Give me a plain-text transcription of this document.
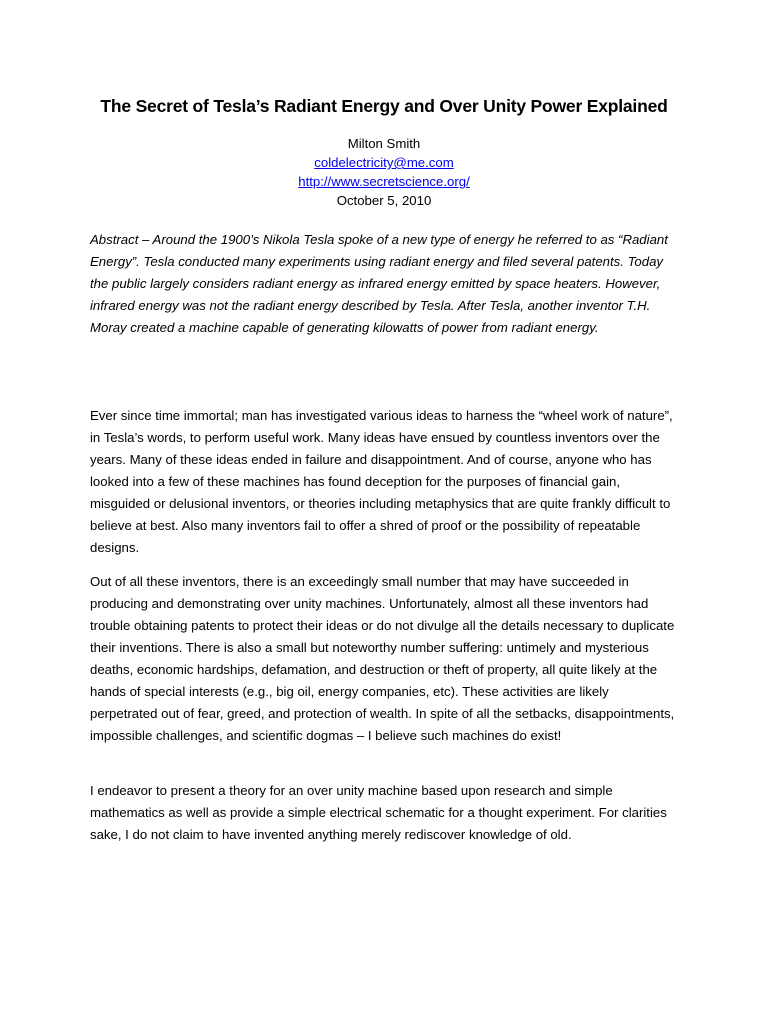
The Secret of Tesla’s Radiant Energy and Over Unity Power Explained
Milton Smith
coldelectricity@me.com
http://www.secretscience.org/
October 5, 2010

Abstract – Around the 1900’s Nikola Tesla spoke of a new type of energy he referred to as “Radiant Energy”. Tesla conducted many experiments using radiant energy and filed several patents. Today the public largely considers radiant energy as infrared energy emitted by space heaters. However, infrared energy was not the radiant energy described by Tesla. After Tesla, another inventor T.H. Moray created a machine capable of generating kilowatts of power from radiant energy.

Ever since time immortal; man has investigated various ideas to harness the “wheel work of nature”, in Tesla’s words, to perform useful work. Many ideas have ensued by countless inventors over the years. Many of these ideas ended in failure and disappointment. And of course, anyone who has looked into a few of these machines has found deception for the purposes of financial gain, misguided or delusional inventors, or theories including metaphysics that are quite frankly difficult to believe at best. Also many inventors fail to offer a shred of proof or the possibility of repeatable designs.

Out of all these inventors, there is an exceedingly small number that may have succeeded in producing and demonstrating over unity machines. Unfortunately, almost all these inventors had trouble obtaining patents to protect their ideas or do not divulge all the details necessary to duplicate their inventions. There is also a small but noteworthy number suffering: untimely and mysterious deaths, economic hardships, defamation, and destruction or theft of property, all quite likely at the hands of special interests (e.g., big oil, energy companies, etc). These activities are likely perpetrated out of fear, greed, and protection of wealth. In spite of all the setbacks, disappointments, impossible challenges, and scientific dogmas – I believe such machines do exist!

I endeavor to present a theory for an over unity machine based upon research and simple mathematics as well as provide a simple electrical schematic for a thought experiment. For clarities sake, I do not claim to have invented anything merely rediscover knowledge of old.
